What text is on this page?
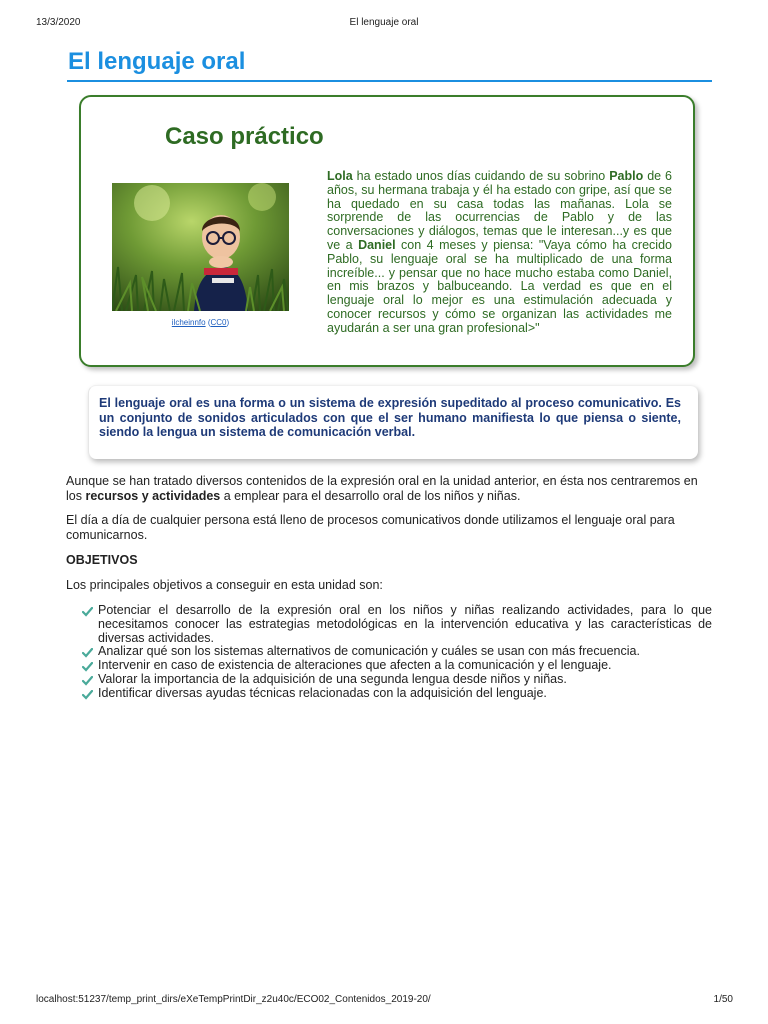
13/3/2020	El lenguaje oral
El lenguaje oral
Caso práctico
ilcheinnfo (CC0)

Lola ha estado unos días cuidando de su sobrino Pablo de 6 años, su hermana trabaja y él ha estado con gripe, así que se ha quedado en su casa todas las mañanas. Lola se sorprende de las ocurrencias de Pablo y de las conversaciones y diálogos, temas que le interesan...y es que ve a Daniel con 4 meses y piensa: "Vaya cómo ha crecido Pablo, su lenguaje oral se ha multiplicado de una forma increíble... y pensar que no hace mucho estaba como Daniel, en mis brazos y balbuceando. La verdad es que en el lenguaje oral lo mejor es una estimulación adecuada y conocer recursos y cómo se organizan las actividades me ayudarán a ser una gran profesional>"

El lenguaje oral es una forma o un sistema de expresión supeditado al proceso comunicativo. Es un conjunto de sonidos articulados con que el ser humano manifiesta lo que piensa o siente, siendo la lengua un sistema de comunicación verbal.

Aunque se han tratado diversos contenidos de la expresión oral en la unidad anterior, en ésta nos centraremos en los recursos y actividades a emplear para el desarrollo oral de los niños y niñas.

El día a día de cualquier persona está lleno de procesos comunicativos donde utilizamos el lenguaje oral para comunicarnos.

OBJETIVOS

Los principales objetivos a conseguir en esta unidad son:

Potenciar el desarrollo de la expresión oral en los niños y niñas realizando actividades, para lo que necesitamos conocer las estrategias metodológicas en la intervención educativa y las características de diversas actividades.
Analizar qué son los sistemas alternativos de comunicación y cuáles se usan con más frecuencia.
Intervenir en caso de existencia de alteraciones que afecten a la comunicación y el lenguaje.
Valorar la importancia de la adquisición de una segunda lengua desde niños y niñas.
Identificar diversas ayudas técnicas relacionadas con la adquisición del lenguaje.
localhost:51237/temp_print_dirs/eXeTempPrintDir_z2u40c/ECO02_Contenidos_2019-20/	1/50
